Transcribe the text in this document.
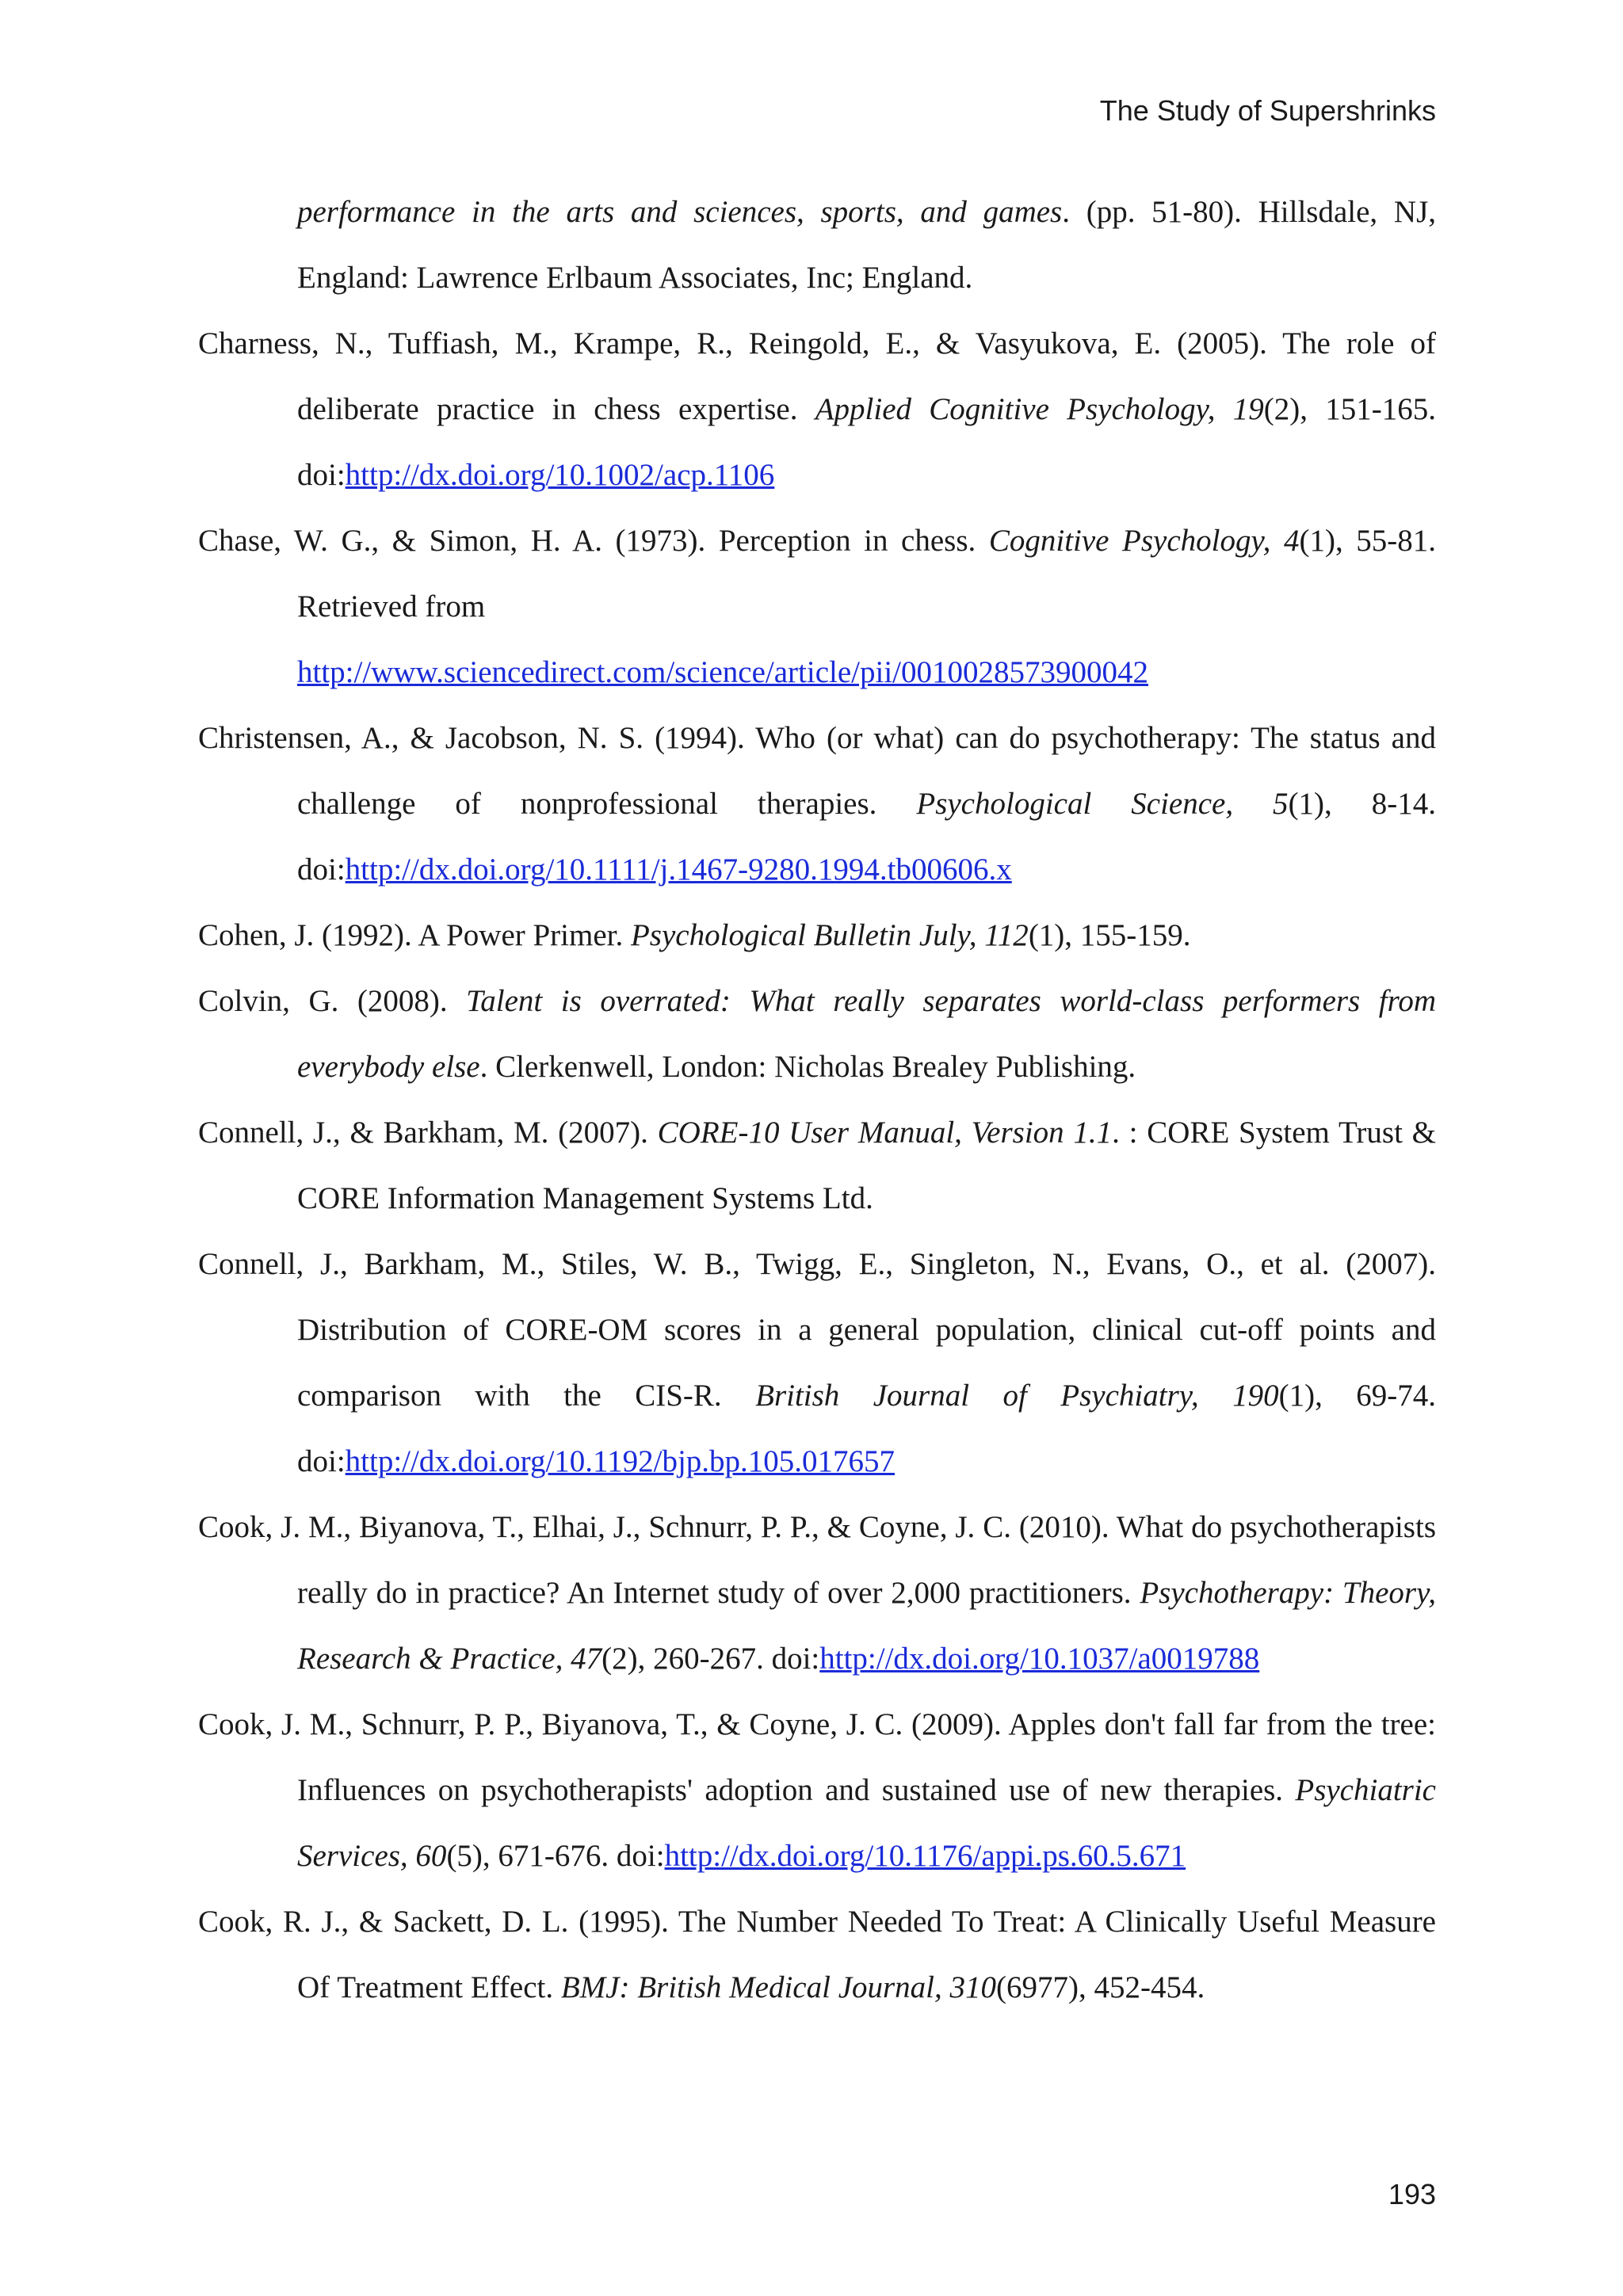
The Study of Supershrinks

performance in the arts and sciences, sports, and games. (pp. 51-80). Hillsdale, NJ, England: Lawrence Erlbaum Associates, Inc; England.

Charness, N., Tuffiash, M., Krampe, R., Reingold, E., & Vasyukova, E. (2005). The role of deliberate practice in chess expertise. Applied Cognitive Psychology, 19(2), 151-165. doi:http://dx.doi.org/10.1002/acp.1106

Chase, W. G., & Simon, H. A. (1973). Perception in chess. Cognitive Psychology, 4(1), 55-81. Retrieved from
http://www.sciencedirect.com/science/article/pii/0010028573900042

Christensen, A., & Jacobson, N. S. (1994). Who (or what) can do psychotherapy: The status and challenge of nonprofessional therapies. Psychological Science, 5(1), 8-14. doi:http://dx.doi.org/10.1111/j.1467-9280.1994.tb00606.x

Cohen, J. (1992). A Power Primer. Psychological Bulletin July, 112(1), 155-159.

Colvin, G. (2008). Talent is overrated: What really separates world-class performers from everybody else. Clerkenwell, London: Nicholas Brealey Publishing.

Connell, J., & Barkham, M. (2007). CORE-10 User Manual, Version 1.1. : CORE System Trust & CORE Information Management Systems Ltd.

Connell, J., Barkham, M., Stiles, W. B., Twigg, E., Singleton, N., Evans, O., et al. (2007). Distribution of CORE-OM scores in a general population, clinical cut-off points and comparison with the CIS-R. British Journal of Psychiatry, 190(1), 69-74. doi:http://dx.doi.org/10.1192/bjp.bp.105.017657

Cook, J. M., Biyanova, T., Elhai, J., Schnurr, P. P., & Coyne, J. C. (2010). What do psychotherapists really do in practice? An Internet study of over 2,000 practitioners. Psychotherapy: Theory, Research & Practice, 47(2), 260-267. doi:http://dx.doi.org/10.1037/a0019788

Cook, J. M., Schnurr, P. P., Biyanova, T., & Coyne, J. C. (2009). Apples don't fall far from the tree: Influences on psychotherapists' adoption and sustained use of new therapies. Psychiatric Services, 60(5), 671-676. doi:http://dx.doi.org/10.1176/appi.ps.60.5.671

Cook, R. J., & Sackett, D. L. (1995). The Number Needed To Treat: A Clinically Useful Measure Of Treatment Effect. BMJ: British Medical Journal, 310(6977), 452-454.

193
